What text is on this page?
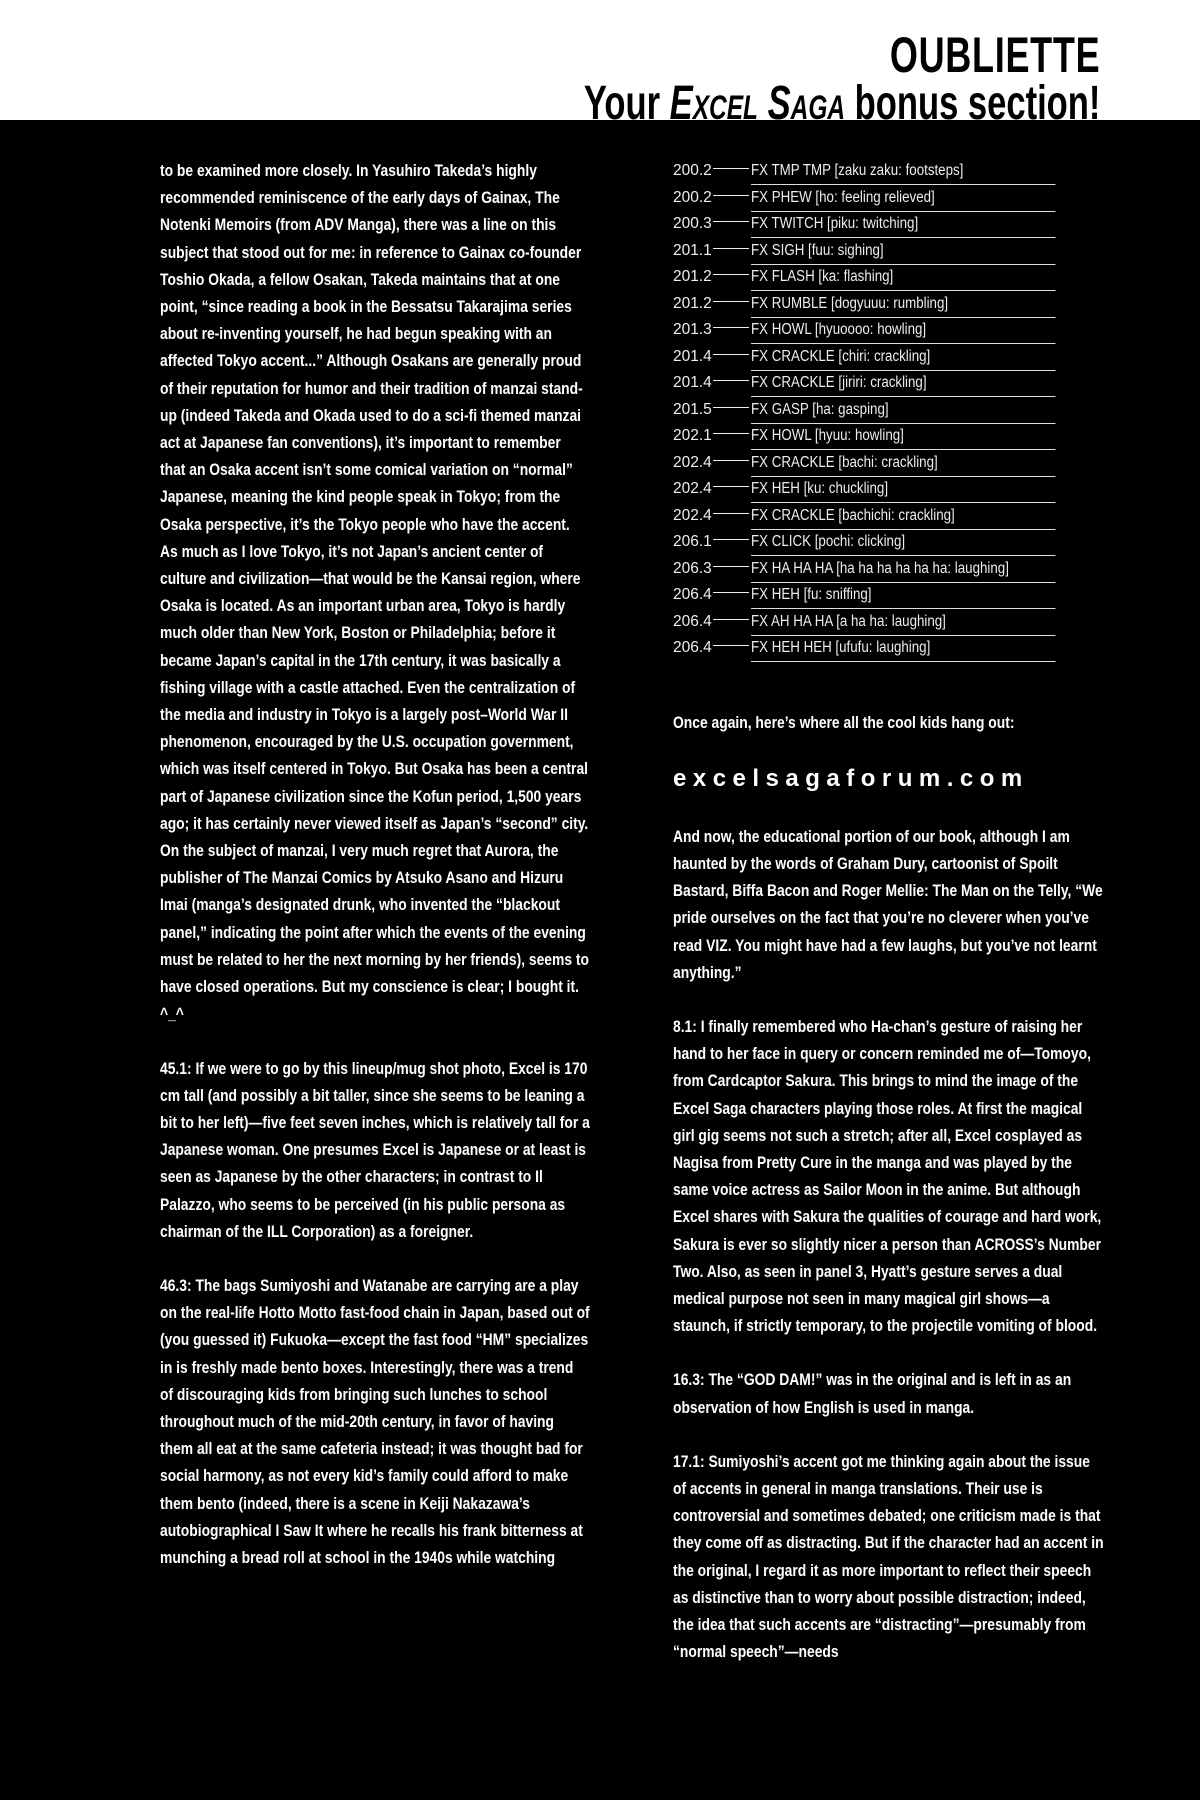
OUBLIETTE
Your Excel Saga bonus section!

to be examined more closely. In Yasuhiro Takeda’s highly recommended reminiscence of the early days of Gainax, The Notenki Memoirs (from ADV Manga), there was a line on this subject that stood out for me: in reference to Gainax co-founder Toshio Okada, a fellow Osakan, Takeda maintains that at one point, “since reading a book in the Bessatsu Takarajima series about re-inventing yourself, he had begun speaking with an affected Tokyo accent...” Although Osakans are generally proud of their reputation for humor and their tradition of manzai stand-up (indeed Takeda and Okada used to do a sci-fi themed manzai act at Japanese fan conventions), it’s important to remember that an Osaka accent isn’t some comical variation on “normal” Japanese, meaning the kind people speak in Tokyo; from the Osaka perspective, it’s the Tokyo people who have the accent. As much as I love Tokyo, it’s not Japan’s ancient center of culture and civilization—that would be the Kansai region, where Osaka is located. As an important urban area, Tokyo is hardly much older than New York, Boston or Philadelphia; before it became Japan’s capital in the 17th century, it was basically a fishing village with a castle attached. Even the centralization of the media and industry in Tokyo is a largely post–World War II phenomenon, encouraged by the U.S. occupation government, which was itself centered in Tokyo. But Osaka has been a central part of Japanese civilization since the Kofun period, 1,500 years ago; it has certainly never viewed itself as Japan’s “second” city. On the subject of manzai, I very much regret that Aurora, the publisher of The Manzai Comics by Atsuko Asano and Hizuru Imai (manga’s designated drunk, who invented the “blackout panel,” indicating the point after which the events of the evening must be related to her the next morning by her friends), seems to have closed operations. But my conscience is clear; I bought it. ^_^

45.1: If we were to go by this lineup/mug shot photo, Excel is 170 cm tall (and possibly a bit taller, since she seems to be leaning a bit to her left)—five feet seven inches, which is relatively tall for a Japanese woman. One presumes Excel is Japanese or at least is seen as Japanese by the other characters; in contrast to Il Palazzo, who seems to be perceived (in his public persona as chairman of the ILL Corporation) as a foreigner.

46.3: The bags Sumiyoshi and Watanabe are carrying are a play on the real-life Hotto Motto fast-food chain in Japan, based out of (you guessed it) Fukuoka—except the fast food “HM” specializes in is freshly made bento boxes. Interestingly, there was a trend of discouraging kids from bringing such lunches to school throughout much of the mid-20th century, in favor of having them all eat at the same cafeteria instead; it was thought bad for social harmony, as not every kid’s family could afford to make them bento (indeed, there is a scene in Keiji Nakazawa’s autobiographical I Saw It where he recalls his frank bitterness at munching a bread roll at school in the 1940s while watching

200.2	FX TMP TMP [zaku zaku: footsteps]
200.2	FX PHEW [ho: feeling relieved]
200.3	FX TWITCH [piku: twitching]
201.1	FX SIGH [fuu: sighing]
201.2	FX FLASH [ka: flashing]
201.2	FX RUMBLE [dogyuuu: rumbling]
201.3	FX HOWL [hyuoooo: howling]
201.4	FX CRACKLE [chiri: crackling]
201.4	FX CRACKLE [jiriri: crackling]
201.5	FX GASP [ha: gasping]
202.1	FX HOWL [hyuu: howling]
202.4	FX CRACKLE [bachi: crackling]
202.4	FX HEH [ku: chuckling]
202.4	FX CRACKLE [bachichi: crackling]
206.1	FX CLICK [pochi: clicking]
206.3	FX HA HA HA [ha ha ha ha ha ha: laughing]
206.4	FX HEH [fu: sniffing]
206.4	FX AH HA HA [a ha ha: laughing]
206.4	FX HEH HEH [ufufu: laughing]

Once again, here’s where all the cool kids hang out:

excelsagaforum.com

And now, the educational portion of our book, although I am haunted by the words of Graham Dury, cartoonist of Spoilt Bastard, Biffa Bacon and Roger Mellie: The Man on the Telly, “We pride ourselves on the fact that you’re no cleverer when you’ve read VIZ. You might have had a few laughs, but you’ve not learnt anything.”

8.1: I finally remembered who Ha-chan’s gesture of raising her hand to her face in query or concern reminded me of—Tomoyo, from Cardcaptor Sakura. This brings to mind the image of the Excel Saga characters playing those roles. At first the magical girl gig seems not such a stretch; after all, Excel cosplayed as Nagisa from Pretty Cure in the manga and was played by the same voice actress as Sailor Moon in the anime. But although Excel shares with Sakura the qualities of courage and hard work, Sakura is ever so slightly nicer a person than ACROSS’s Number Two. Also, as seen in panel 3, Hyatt’s gesture serves a dual medical purpose not seen in many magical girl shows—a staunch, if strictly temporary, to the projectile vomiting of blood.

16.3: The “GOD DAM!” was in the original and is left in as an observation of how English is used in manga.

17.1: Sumiyoshi’s accent got me thinking again about the issue of accents in general in manga translations. Their use is controversial and sometimes debated; one criticism made is that they come off as distracting. But if the character had an accent in the original, I regard it as more important to reflect their speech as distinctive than to worry about possible distraction; indeed, the idea that such accents are “distracting”—presumably from “normal speech”—needs
